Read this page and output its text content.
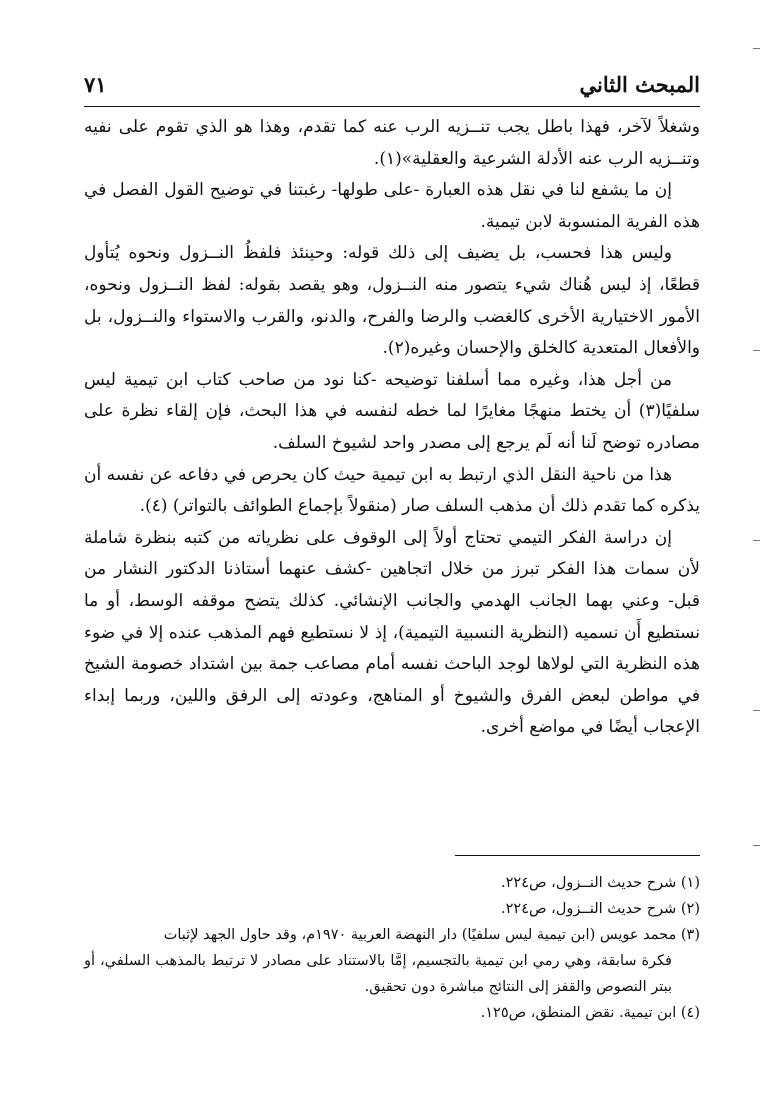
المبحث الثاني
٧١

وشغلاً لآخر، فهذا باطل يجب تنــزيه الرب عنه كما تقدم، وهذا هو الذي تقوم على نفيه وتنــزيه الرب عنه الأدلة الشرعية والعقلية»(١).

إن ما يشفع لنا في نقل هذه العبارة -على طولها- رغبتنا في توضيح القول الفصل في هذه الفرية المنسوبة لابن تيمية.

وليس هذا فحسب، بل يضيف إلى ذلك قوله: وحينئذ فلفظُ النــزول ونحوه يُتأول قطعًا، إذ ليس هُناك شيء يتصور منه النــزول، وهو يقصد بقوله: لفظ النــزول ونحوه، الأمور الاختيارية الأخرى كالغضب والرضا والفرح، والدنو، والقرب والاستواء والنــزول، بل والأفعال المتعدية كالخلق والإحسان وغيره(٢).

من أجل هذا، وغيره مما أسلفنا توضيحه -كنا نود من صاحب كتاب ابن تيمية ليس سلفيًا(٣) أن يختط منهجًا مغايرًا لما خطه لنفسه في هذا البحث، فإن إلقاء نظرة على مصادره توضح لَنا أنه لَم يرجع إلى مصدر واحد لشيوخ السلف.

هذا من ناحية النقل الذي ارتبط به ابن تيمية حيث كان يحرص في دفاعه عن نفسه أن يذكره كما تقدم ذلك أن مذهب السلف صار (منقولاً بإجماع الطوائف بالتواتر) (٤).

إن دراسة الفكر التيمي تحتاج أولاً إلى الوقوف على نظرياته من كتبه بنظرة شاملة لأن سمات هذا الفكر تبرز من خلال اتجاهين -كشف عنهما أستاذنا الدكتور النشار من قبل- وعني بهما الجانب الهدمي والجانب الإنشائي. كذلك يتضح موقفه الوسط، أو ما نستطيع أَن نسميه (النظرية النسبية التيمية)، إذ لا نستطيع فهم المذهب عنده إلا في ضوء هذه النظرية التي لولاها لوجد الباحث نفسه أمام مصاعب جمة بين اشتداد خصومة الشيخ في مواطن لبعض الفرق والشيوخ أو المناهج، وعودته إلى الرفق واللين، وربما إبداء الإعجاب أيضًا في مواضع أخرى.

(١) شرح حديث النــزول، ص٢٢٤.

(٢) شرح حديث النــزول، ص٢٢٤.

(٣) محمد عويس (ابن تيمية ليس سلفيًا) دار النهضة العربية ١٩٧٠م، وقد حاول الجهد لإثبات

فكرة سابقة، وهي رمي ابن تيمية بالتجسيم، إمَّا بالاستناد على مصادر لا ترتبط بالمذهب السلفي، أو ببتر النصوص والقفز إلى النتائج مباشرة دون تحقيق.

(٤) ابن تيمية. نقض المنطق، ص١٢٥.
